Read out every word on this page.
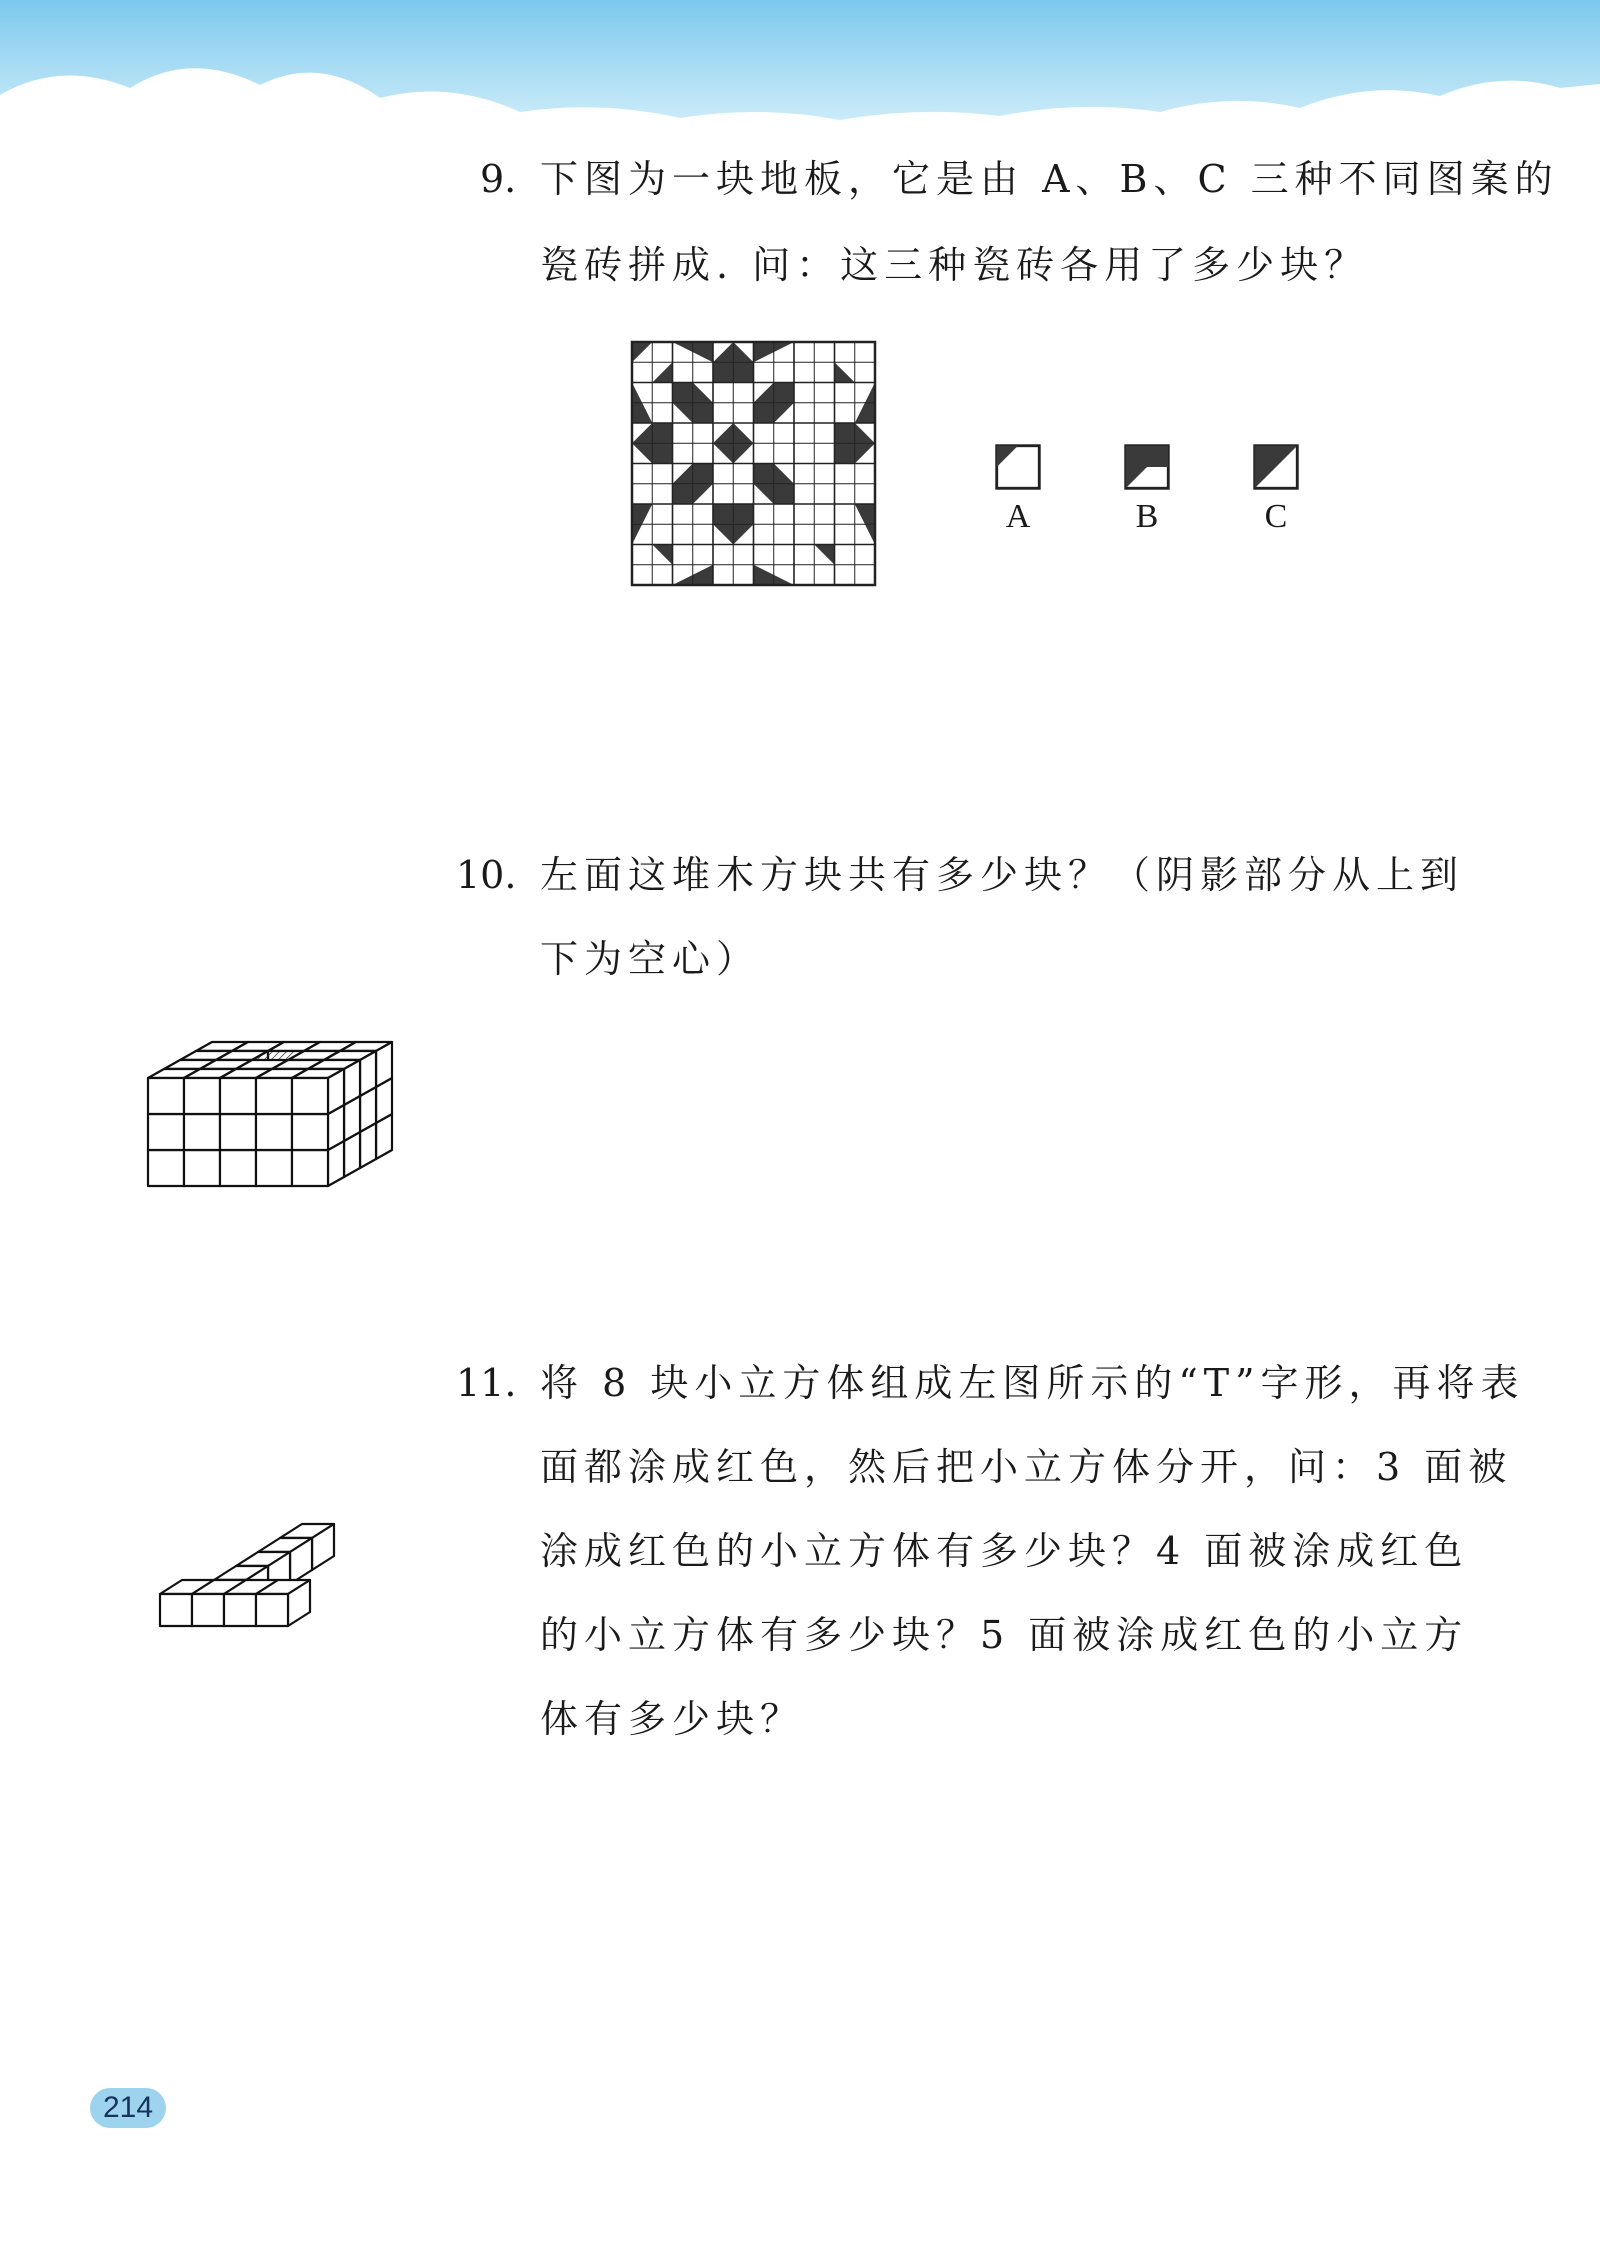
9. 下图为一块地板，它是由 A、B、C 三种不同图案的
瓷砖拼成. 问：这三种瓷砖各用了多少块？
A	B	C
10. 左面这堆木方块共有多少块？（阴影部分从上到
下为空心）
11. 将 8 块小立方体组成左图所示的“T”字形，再将表
面都涂成红色，然后把小立方体分开，问：3 面被
涂成红色的小立方体有多少块？4 面被涂成红色
的小立方体有多少块？5 面被涂成红色的小立方
体有多少块？
214
